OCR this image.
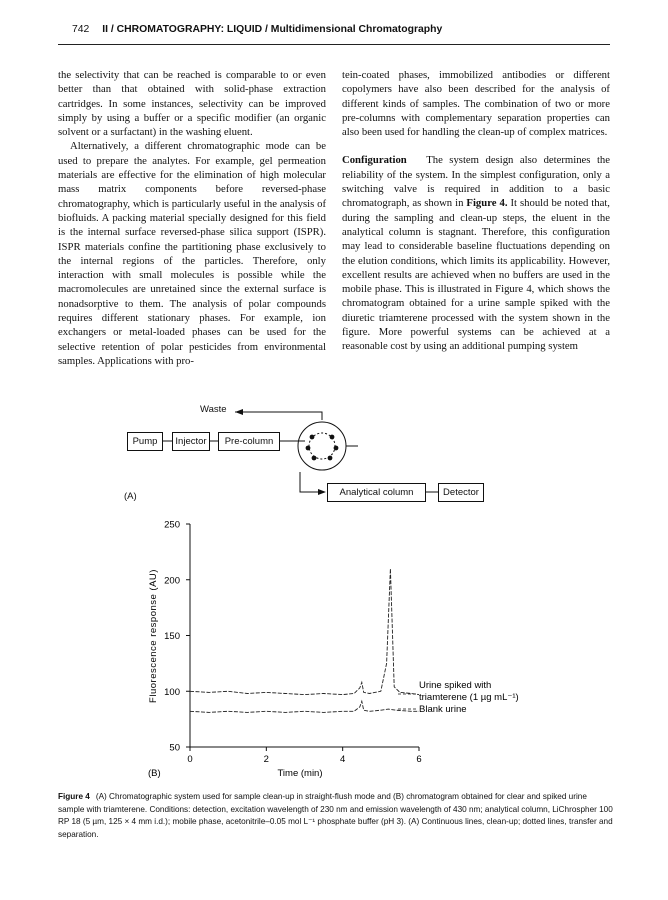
742 II / CHROMATOGRAPHY: LIQUID / Multidimensional Chromatography

the selectivity that can be reached is comparable to or even better than that obtained with solid-phase extraction cartridges. In some instances, selectivity can be improved simply by using a buffer or a specific modifier (an organic solvent or a surfactant) in the washing eluent.

Alternatively, a different chromatographic mode can be used to prepare the analytes. For example, gel permeation materials are effective for the elimination of high molecular mass matrix components before reversed-phase chromatography, which is particularly useful in the analysis of biofluids. A packing material specially designed for this field is the internal surface reversed-phase silica support (ISPR). ISPR materials confine the partitioning phase exclusively to the internal regions of the particles. Therefore, only interaction with small molecules is possible while the macromolecules are unretained since the external surface is nonadsorptive to them. The analysis of polar compounds requires different stationary phases. For example, ion exchangers or metal-loaded phases can be used for the selective retention of polar pesticides from environmental samples. Applications with pro-

tein-coated phases, immobilized antibodies or different copolymers have also been described for the analysis of different kinds of samples. The combination of two or more pre-columns with complementary separation properties can also been used for handling the clean-up of complex matrices.

Configuration The system design also determines the reliability of the system. In the simplest configuration, only a switching valve is required in addition to a basic chromatograph, as shown in Figure 4. It should be noted that, during the sampling and clean-up steps, the eluent in the analytical column is stagnant. Therefore, this configuration may lead to considerable baseline fluctuations depending on the elution conditions, which limits its applicability. However, excellent results are achieved when no buffers are used in the mobile phase. This is illustrated in Figure 4, which shows the chromatogram obtained for a urine sample spiked with the diuretic triamterene processed with the system shown in the figure. More powerful systems can be achieved at a reasonable cost by using an additional pumping system

Waste
Pump	Injector	Pre-column
Analytical column	Detector
(A)
50
100
150
200
250
0	2	4	6
Fluorescence response (AU)
Time (min)
(B)
Urine spiked with
triamterene (1 µg mL⁻¹)
Blank urine
Figure 4 (A) Chromatographic system used for sample clean-up in straight-flush mode and (B) chromatogram obtained for clear and spiked urine sample with triamterene. Conditions: detection, excitation wavelength of 230 nm and emission wavelength of 430 nm; analytical column, LiChrospher 100 RP 18 (5 µm, 125 × 4 mm i.d.); mobile phase, acetonitrile–0.05 mol L⁻¹ phosphate buffer (pH 3). (A) Continuous lines, clean-up; dotted lines, transfer and separation.
